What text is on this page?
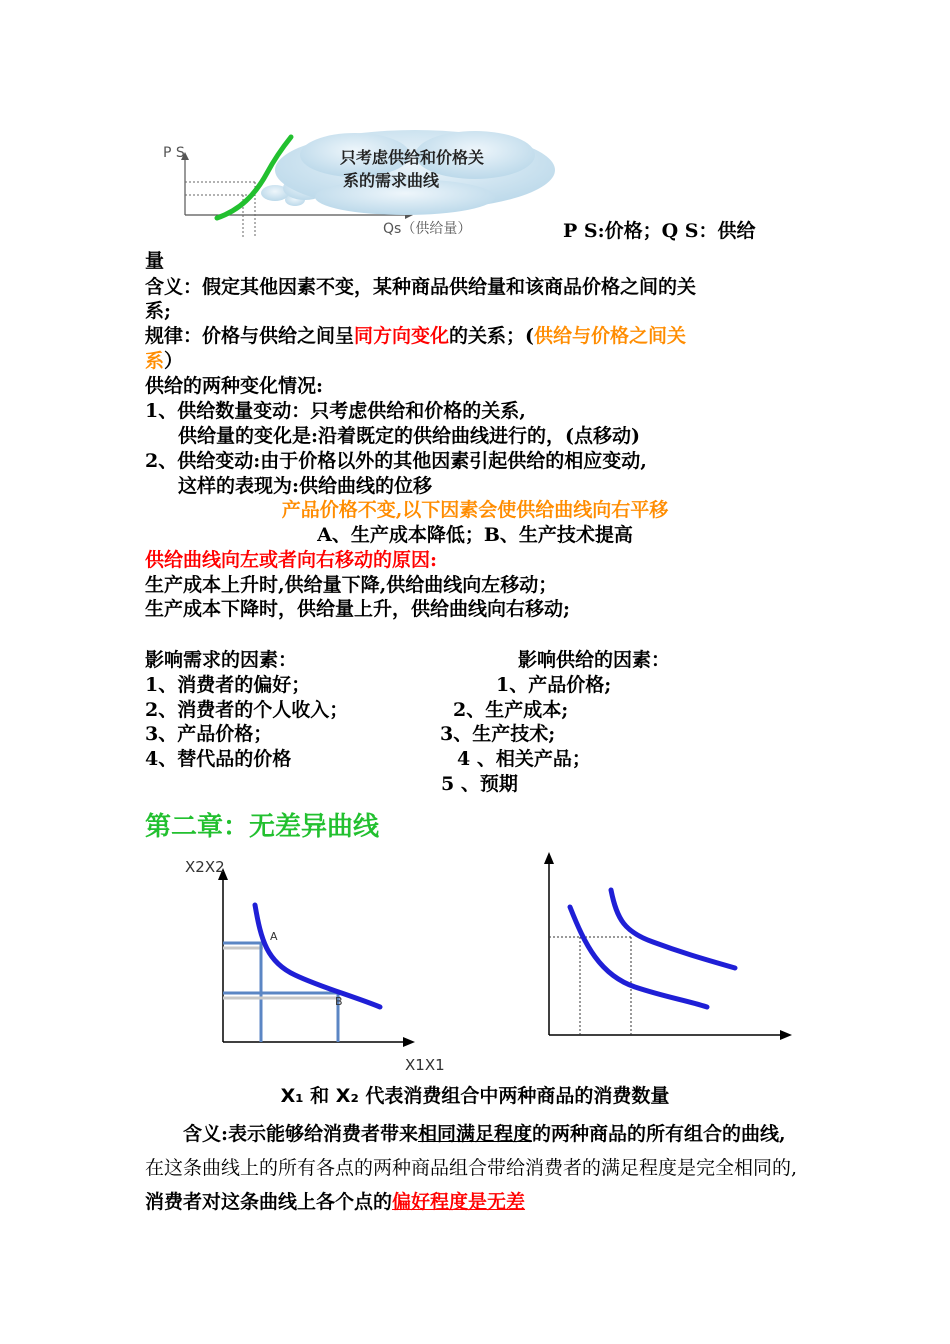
P S
Qs（供给量）
只考虑供给和价格关
系的需求曲线
P S:价格；Q S：供给
量
含义：假定其他因素不变，某种商品供给量和该商品价格之间的关
系;
规律：价格与供给之间呈同方向变化的关系；(供给与价格之间关
系）
供给的两种变化情况:
1、供给数量变动：只考虑供给和价格的关系,
供给量的变化是:沿着既定的供给曲线进行的，(点移动)
2、供给变动:由于价格以外的其他因素引起供给的相应变动,
这样的表现为:供给曲线的位移
产品价格不变,以下因素会使供给曲线向右平移
A、生产成本降低；B、生产技术提高
供给曲线向左或者向右移动的原因:
生产成本上升时,供给量下降,供给曲线向左移动；
生产成本下降时，供给量上升，供给曲线向右移动;
影响需求的因素：
1、消费者的偏好；
2、消费者的个人收入；
3、产品价格；
4、替代品的价格
影响供给的因素：
1、产品价格;
2、生产成本;
3、生产技术;
4 、相关产品；
5 、预期
第二章：无差异曲线
X2X2
X1X1
A
B
X₁ 和 X₂ 代表消费组合中两种商品的消费数量
含义:表示能够给消费者带来相同满足程度的两种商品的所有组合的曲线, 在这条曲线上的所有各点的两种商品组合带给消费者的满足程度是完全相同的, 消费者对这条曲线上各个点的偏好程度是无差
